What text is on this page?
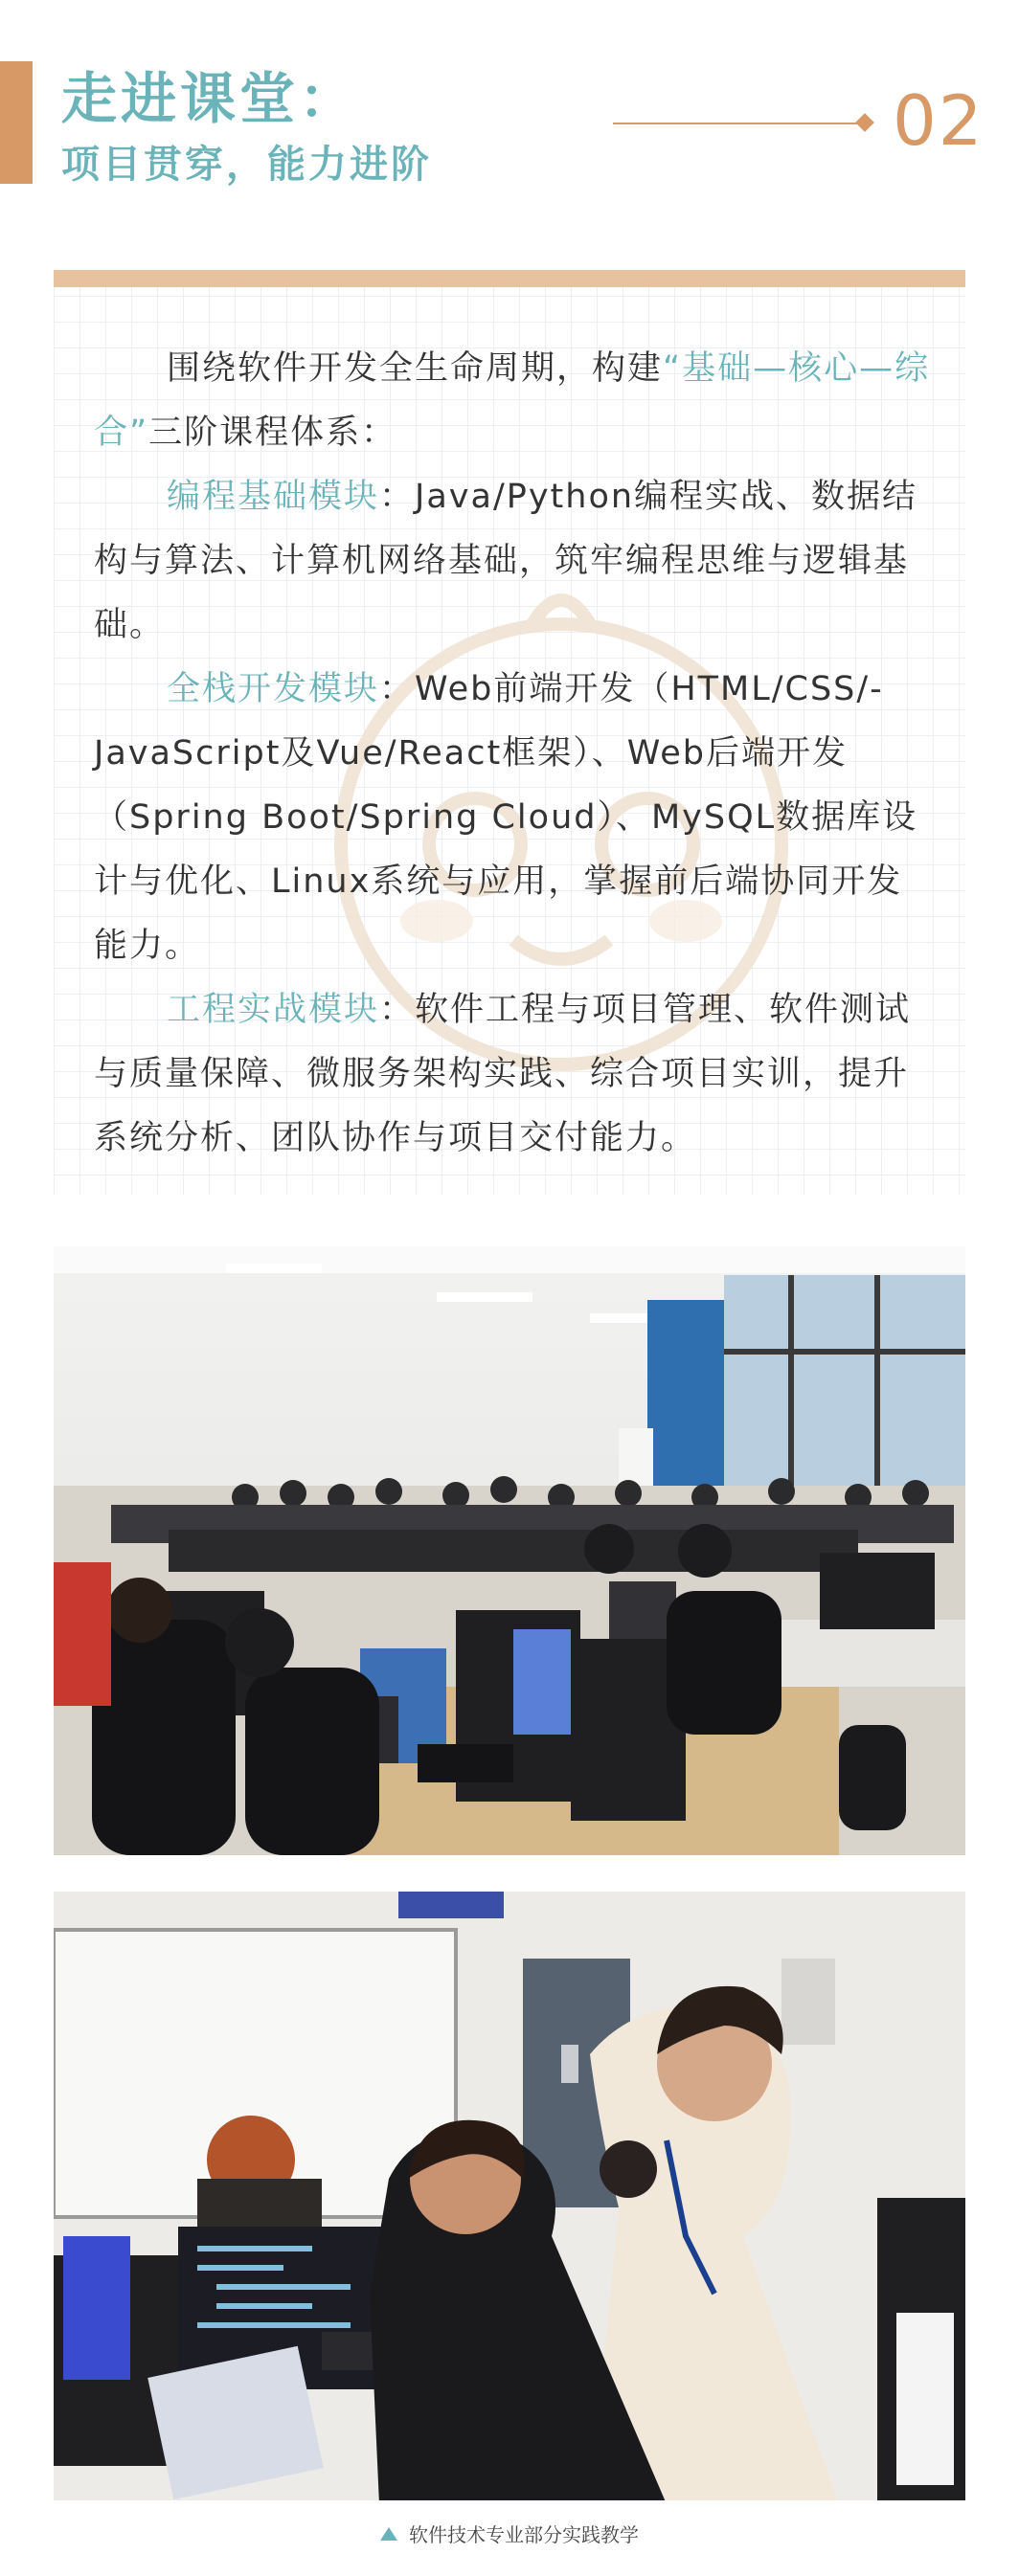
走进课堂：
项目贯穿，能力进阶
02

围绕软件开发全生命周期，构建“基础—核心—综合”三阶课程体系：

编程基础模块：Java/Python编程实战、数据结构与算法、计算机网络基础，筑牢编程思维与逻辑基础。

全栈开发模块：Web前端开发（HTML/CSS/-JavaScript及Vue/React框架）、Web后端开发（Spring Boot/Spring Cloud）、MySQL数据库设计与优化、Linux系统与应用，掌握前后端协同开发能力。

工程实战模块：软件工程与项目管理、软件测试与质量保障、微服务架构实践、综合项目实训，提升系统分析、团队协作与项目交付能力。

软件技术专业部分实践教学
